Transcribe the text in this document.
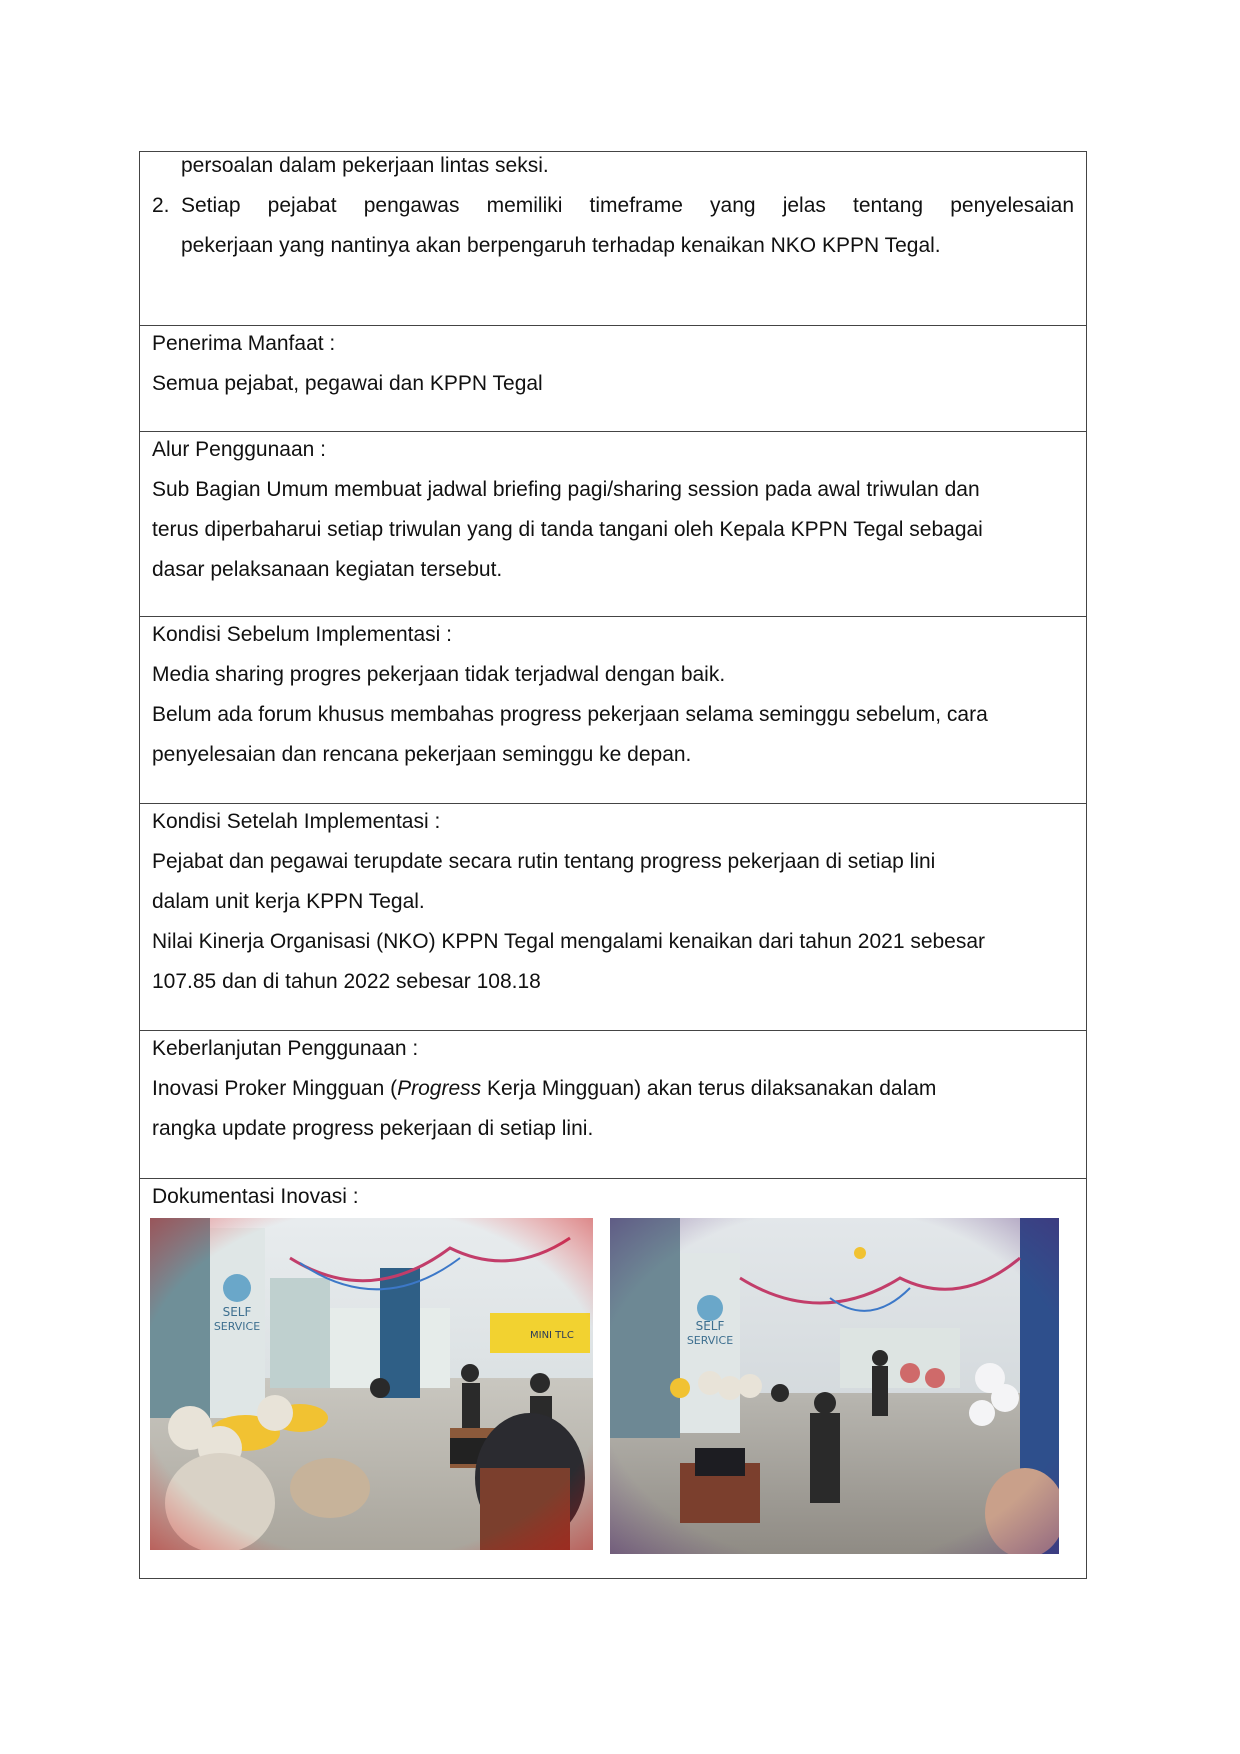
persoalan dalam pekerjaan lintas seksi.
2. Setiap pejabat pengawas memiliki timeframe yang jelas tentang penyelesaian
pekerjaan yang nantinya akan berpengaruh terhadap kenaikan NKO KPPN Tegal.
Penerima Manfaat :
Semua pejabat, pegawai dan KPPN Tegal
Alur Penggunaan :
Sub Bagian Umum membuat jadwal briefing pagi/sharing session pada awal triwulan dan
terus diperbaharui setiap triwulan yang di tanda tangani oleh Kepala KPPN Tegal sebagai
dasar pelaksanaan kegiatan tersebut.
Kondisi Sebelum Implementasi :
Media sharing progres pekerjaan tidak terjadwal dengan baik.
Belum ada forum khusus membahas progress pekerjaan selama seminggu sebelum, cara
penyelesaian dan rencana pekerjaan seminggu ke depan.
Kondisi Setelah Implementasi :
Pejabat dan pegawai terupdate secara rutin tentang progress pekerjaan di setiap lini
dalam unit kerja KPPN Tegal.
Nilai Kinerja Organisasi (NKO) KPPN Tegal mengalami kenaikan dari tahun 2021 sebesar
107.85 dan di tahun 2022 sebesar 108.18
Keberlanjutan Penggunaan :
Inovasi Proker Mingguan (Progress Kerja Mingguan) akan terus dilaksanakan dalam
rangka update progress pekerjaan di setiap lini.
Dokumentasi Inovasi :
